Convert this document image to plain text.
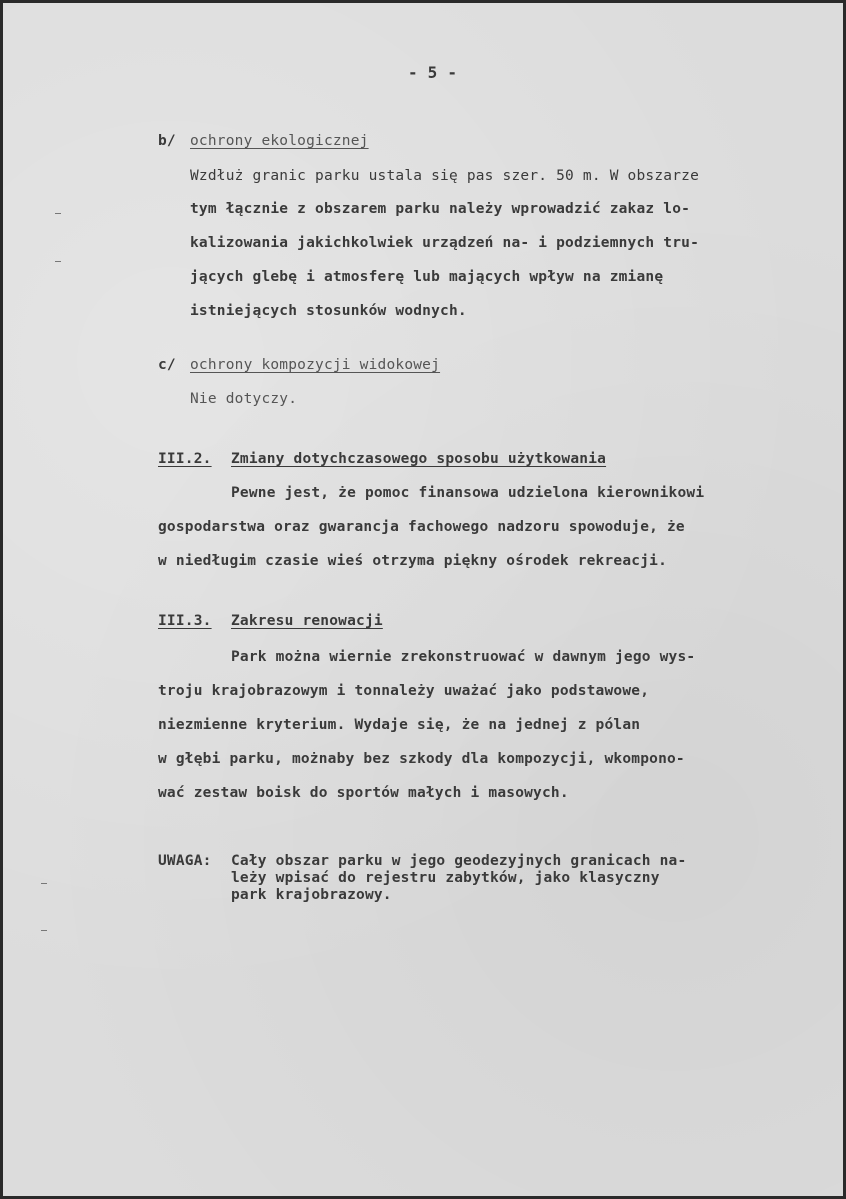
- 5 -
b/ ochrony ekologicznej
Wzdłuż granic parku ustala się pas szer. 50 m. W obszarze
tym łącznie z obszarem parku należy wprowadzić zakaz lo-
kalizowania jakichkolwiek urządzeń na- i podziemnych tru-
jących glebę i atmosferę lub mających wpływ na zmianę
istniejących stosunków wodnych.
c/ ochrony kompozycji widokowej
Nie dotyczy.
III.2. Zmiany dotychczasowego sposobu użytkowania
Pewne jest, że pomoc finansowa udzielona kierownikowi
gospodarstwa oraz gwarancja fachowego nadzoru spowoduje, że
w niedługim czasie wieś otrzyma piękny ośrodek rekreacji.
III.3. Zakresu renowacji
Park można wiernie zrekonstruować w dawnym jego wys-
troju krajobrazowym i tonnależy uważać jako podstawowe,
niezmienne kryterium. Wydaje się, że na jednej z pólan
w głębi parku, możnaby bez szkody dla kompozycji, wkompono-
wać zestaw boisk do sportów małych i masowych.
UWAGA: Cały obszar parku w jego geodezyjnych granicach na-
leży wpisać do rejestru zabytków, jako klasyczny
park krajobrazowy.
